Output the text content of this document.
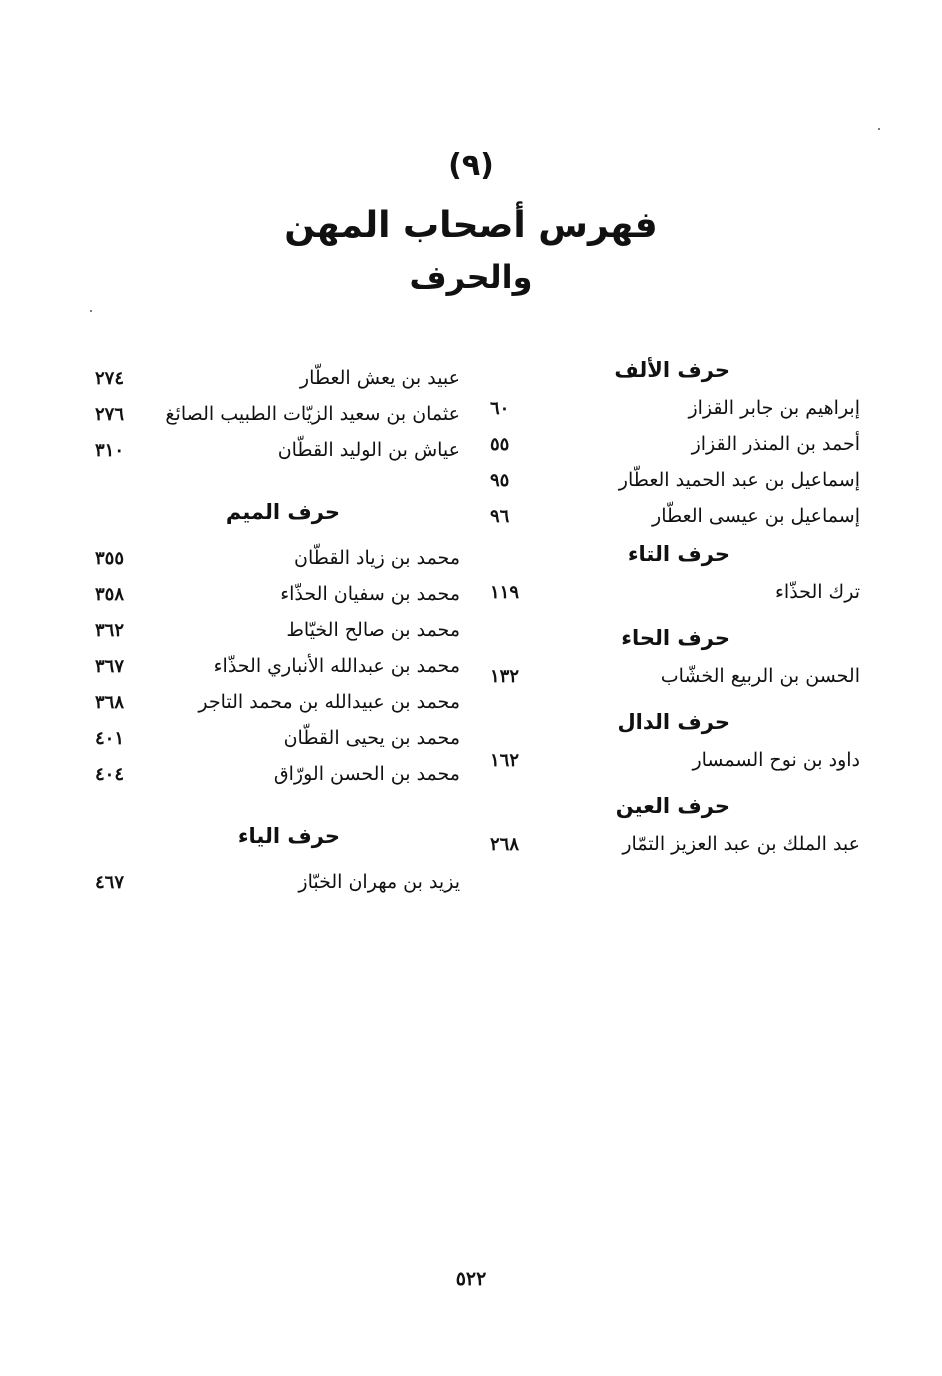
(٩)
فهرس أصحاب المهن
والحرف
حرف الألف
إبراهيم بن جابر القزاز
٦٠
أحمد بن المنذر القزاز
٥٥
إسماعيل بن عبد الحميد العطّار
٩٥
إسماعيل بن عيسى العطّار
٩٦
حرف التاء
ترك الحذّاء
١١٩
حرف الحاء
الحسن بن الربيع الخشّاب
١٣٢
حرف الدال
داود بن نوح السمسار
١٦٢
حرف العين
عبد الملك بن عبد العزيز التمّار
٢٦٨
عبيد بن يعش العطّار
٢٧٤
عثمان بن سعيد الزيّات الطبيب الصائغ
٢٧٦
عياش بن الوليد القطّان
٣١٠
حرف الميم
محمد بن زياد القطّان
٣٥٥
محمد بن سفيان الحذّاء
٣٥٨
محمد بن صالح الخيّاط
٣٦٢
محمد بن عبدالله الأنباري الحذّاء
٣٦٧
محمد بن عبيدالله بن محمد التاجر
٣٦٨
محمد بن يحيى القطّان
٤٠١
محمد بن الحسن الورّاق
٤٠٤
حرف الياء
يزيد بن مهران الخبّاز
٤٦٧
٥٢٢
